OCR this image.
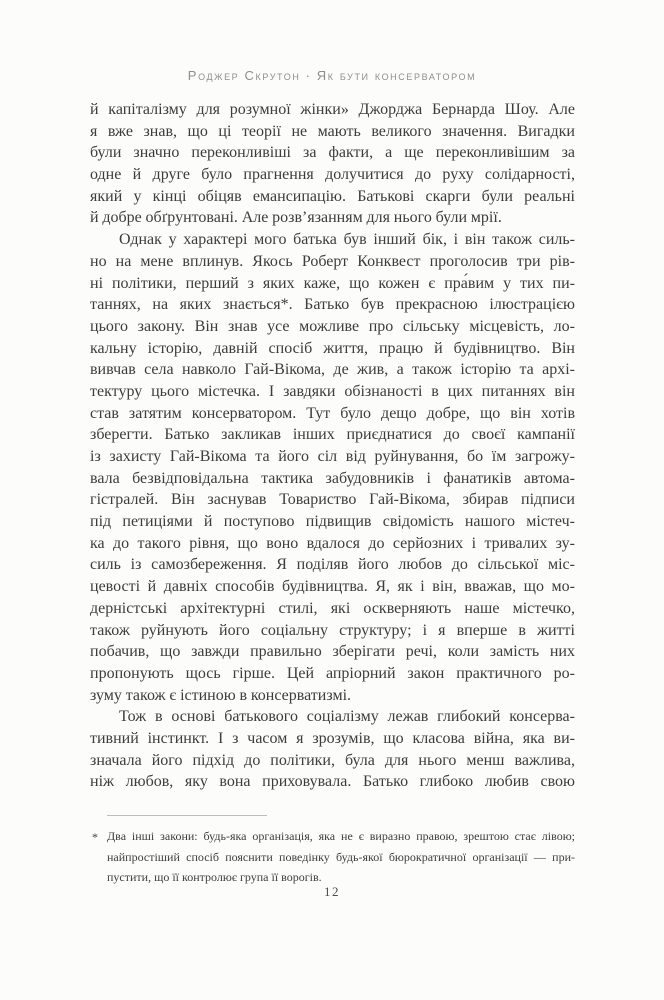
Роджер Скрутон · Як бути консерватором
й капіталізму для розумної жінки» Джорджа Бернарда Шоу. Але
я вже знав, що ці теорії не мають великого значення. Вигадки
були значно переконливіші за факти, а ще переконливішим за
одне й друге було прагнення долучитися до руху солідарності,
який у кінці обіцяв емансипацію. Батькові скарги були реальні
й добре обґрунтовані. Але розв’язанням для нього були мрії.
Однак у характері мого батька був інший бік, і він також силь-
но на мене вплинув. Якось Роберт Конквест проголосив три рів-
ні політики, перший з яких каже, що кожен є пра́вим у тих пи-
таннях, на яких знається*. Батько був прекрасною ілюстрацією
цього закону. Він знав усе можливе про сільську місцевість, ло-
кальну історію, давній спосіб життя, працю й будівництво. Він
вивчав села навколо Гай-Вікома, де жив, а також історію та архі-
тектуру цього містечка. І завдяки обізнаності в цих питаннях він
став затятим консерватором. Тут було дещо добре, що він хотів
зберегти. Батько закликав інших приєднатися до своєї кампанії
із захисту Гай-Вікома та його сіл від руйнування, бо їм загрожу-
вала безвідповідальна тактика забудовників і фанатиків автома-
гістралей. Він заснував Товариство Гай-Вікома, збирав підписи
під петиціями й поступово підвищив свідомість нашого містеч-
ка до такого рівня, що воно вдалося до серйозних і тривалих зу-
силь із самозбереження. Я поділяв його любов до сільської міс-
цевості й давніх способів будівництва. Я, як і він, вважав, що мо-
дерністські архітектурні стилі, які оскверняють наше містечко,
також руйнують його соціальну структуру; і я вперше в житті
побачив, що завжди правильно зберігати речі, коли замість них
пропонують щось гірше. Цей апріорний закон практичного ро-
зуму також є істиною в консерватизмі.
Тож в основі батькового соціалізму лежав глибокий консерва-
тивний інстинкт. І з часом я зрозумів, що класова війна, яка ви-
значала його підхід до політики, була для нього менш важлива,
ніж любов, яку вона приховувала. Батько глибоко любив свою
* Два інші закони: будь-яка організація, яка не є виразно правою, зрештою стає лівою;
найпростіший спосіб пояснити поведінку будь-якої бюрократичної організації — при-
пустити, що її контролює група її ворогів.
12
